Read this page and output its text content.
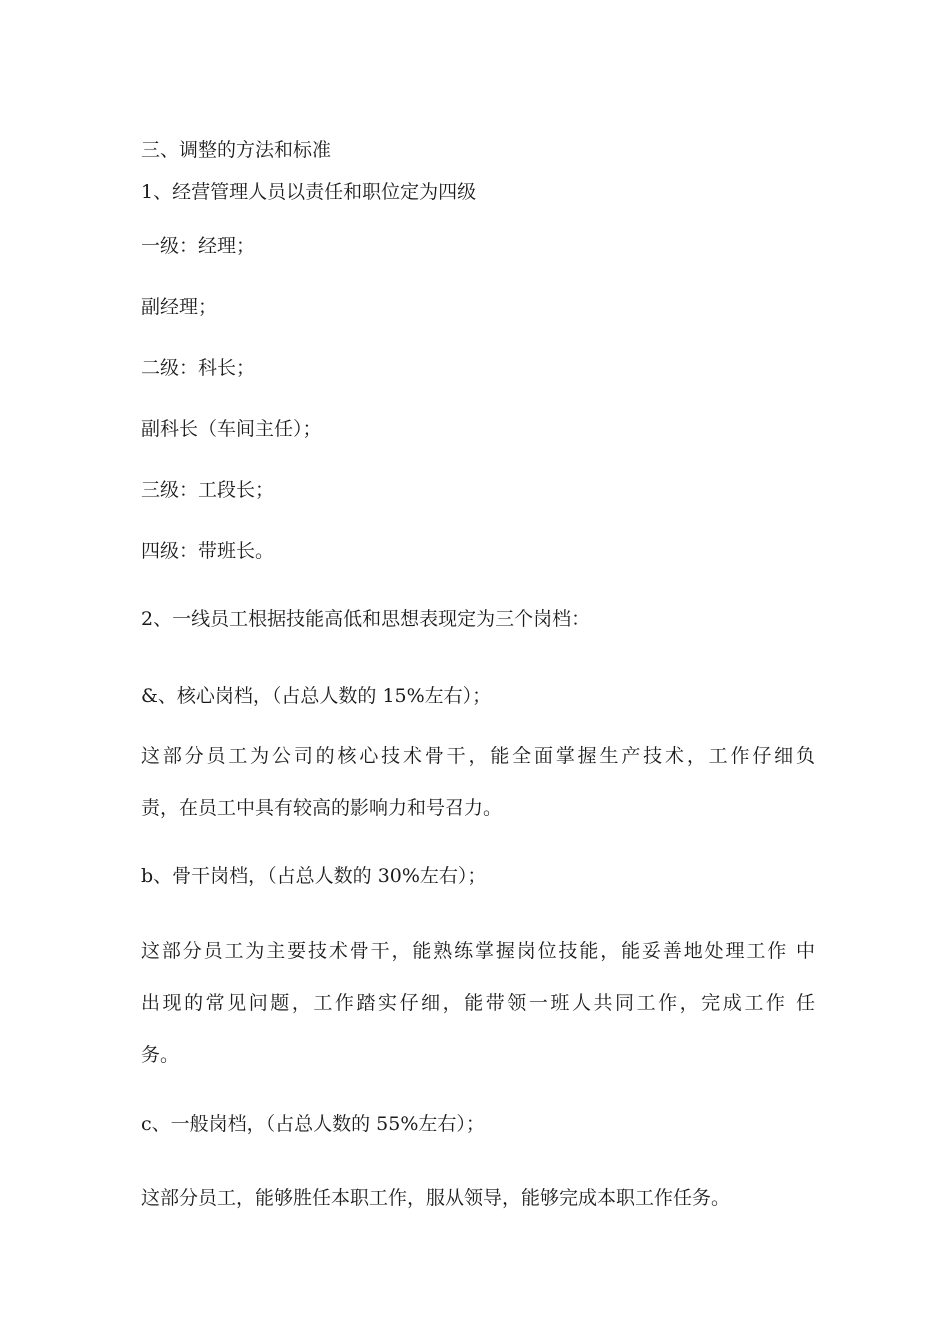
三、调整的方法和标准

1、经营管理人员以责任和职位定为四级

一级：经理；

副经理；

二级：科长；

副科长（车间主任）；

三级：工段长；

四级：带班长。

2、一线员工根据技能高低和思想表现定为三个岗档：

&、核心岗档，（占总人数的 15%左右）；

这部分员工为公司的核心技术骨干，能全面掌握生产技术，工作仔细负

责，在员工中具有较高的影响力和号召力。

b、骨干岗档，（占总人数的 30%左右）；

这部分员工为主要技术骨干，能熟练掌握岗位技能，能妥善地处理工作 中

出现的常见问题，工作踏实仔细，能带领一班人共同工作，完成工作 任

务。

c、一般岗档，（占总人数的 55%左右）；

这部分员工，能够胜任本职工作，服从领导，能够完成本职工作任务。
